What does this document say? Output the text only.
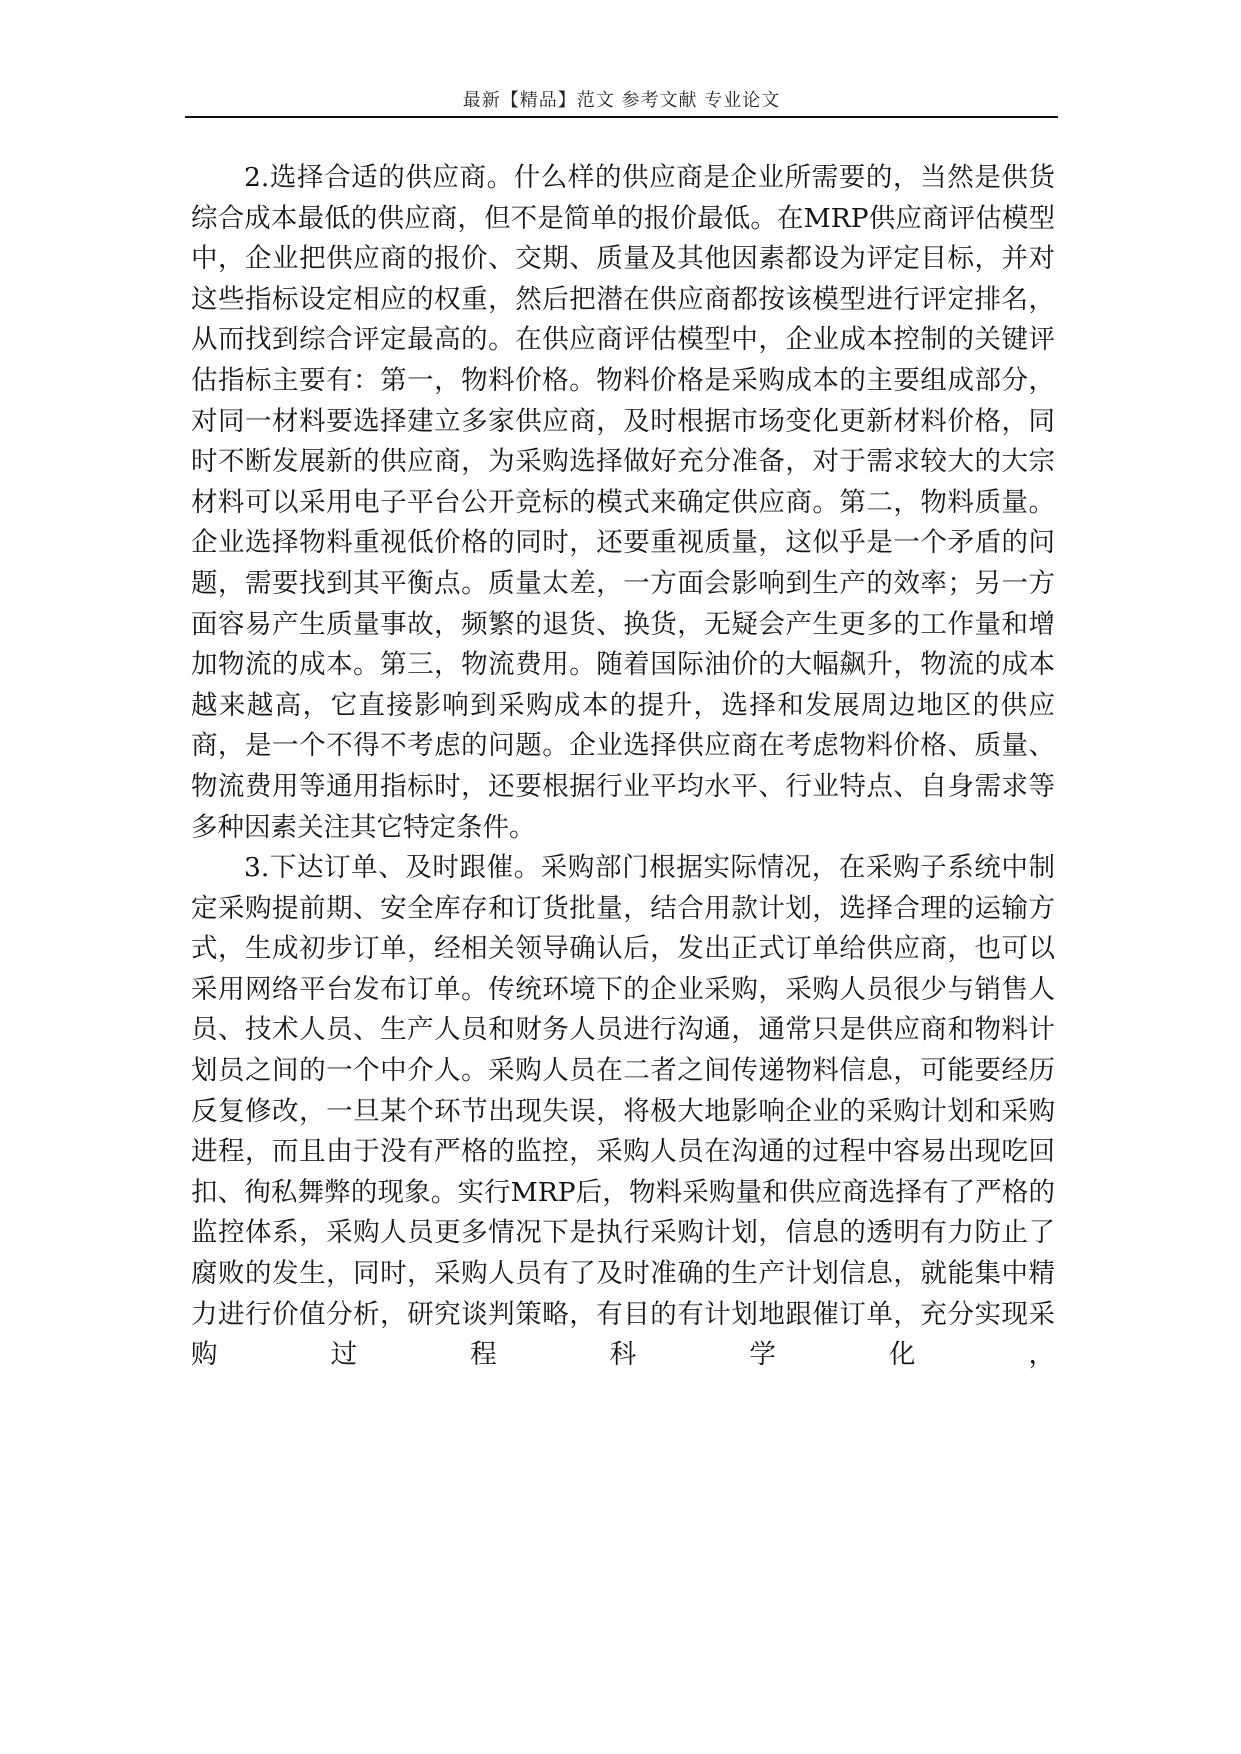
最新【精品】范文 参考文献 专业论文

2.选择合适的供应商。什么样的供应商是企业所需要的，当然是供货综合成本最低的供应商，但不是简单的报价最低。在MRP供应商评估模型中，企业把供应商的报价、交期、质量及其他因素都设为评定目标，并对这些指标设定相应的权重，然后把潜在供应商都按该模型进行评定排名，从而找到综合评定最高的。在供应商评估模型中，企业成本控制的关键评估指标主要有：第一，物料价格。物料价格是采购成本的主要组成部分，对同一材料要选择建立多家供应商，及时根据市场变化更新材料价格，同时不断发展新的供应商，为采购选择做好充分准备，对于需求较大的大宗材料可以采用电子平台公开竞标的模式来确定供应商。第二，物料质量。企业选择物料重视低价格的同时，还要重视质量，这似乎是一个矛盾的问题，需要找到其平衡点。质量太差，一方面会影响到生产的效率；另一方面容易产生质量事故，频繁的退货、换货，无疑会产生更多的工作量和增加物流的成本。第三，物流费用。随着国际油价的大幅飙升，物流的成本越来越高，它直接影响到采购成本的提升，选择和发展周边地区的供应商，是一个不得不考虑的问题。企业选择供应商在考虑物料价格、质量、物流费用等通用指标时，还要根据行业平均水平、行业特点、自身需求等多种因素关注其它特定条件。

3.下达订单、及时跟催。采购部门根据实际情况，在采购子系统中制定采购提前期、安全库存和订货批量，结合用款计划，选择合理的运输方式，生成初步订单，经相关领导确认后，发出正式订单给供应商，也可以采用网络平台发布订单。传统环境下的企业采购，采购人员很少与销售人员、技术人员、生产人员和财务人员进行沟通，通常只是供应商和物料计划员之间的一个中介人。采购人员在二者之间传递物料信息，可能要经历反复修改，一旦某个环节出现失误，将极大地影响企业的采购计划和采购进程，而且由于没有严格的监控，采购人员在沟通的过程中容易出现吃回扣、徇私舞弊的现象。实行MRP后，物料采购量和供应商选择有了严格的监控体系，采购人员更多情况下是执行采购计划，信息的透明有力防止了腐败的发生，同时，采购人员有了及时准确的生产计划信息，就能集中精力进行价值分析，研究谈判策略，有目的有计划地跟催订单，充分实现采购过程科学化，
